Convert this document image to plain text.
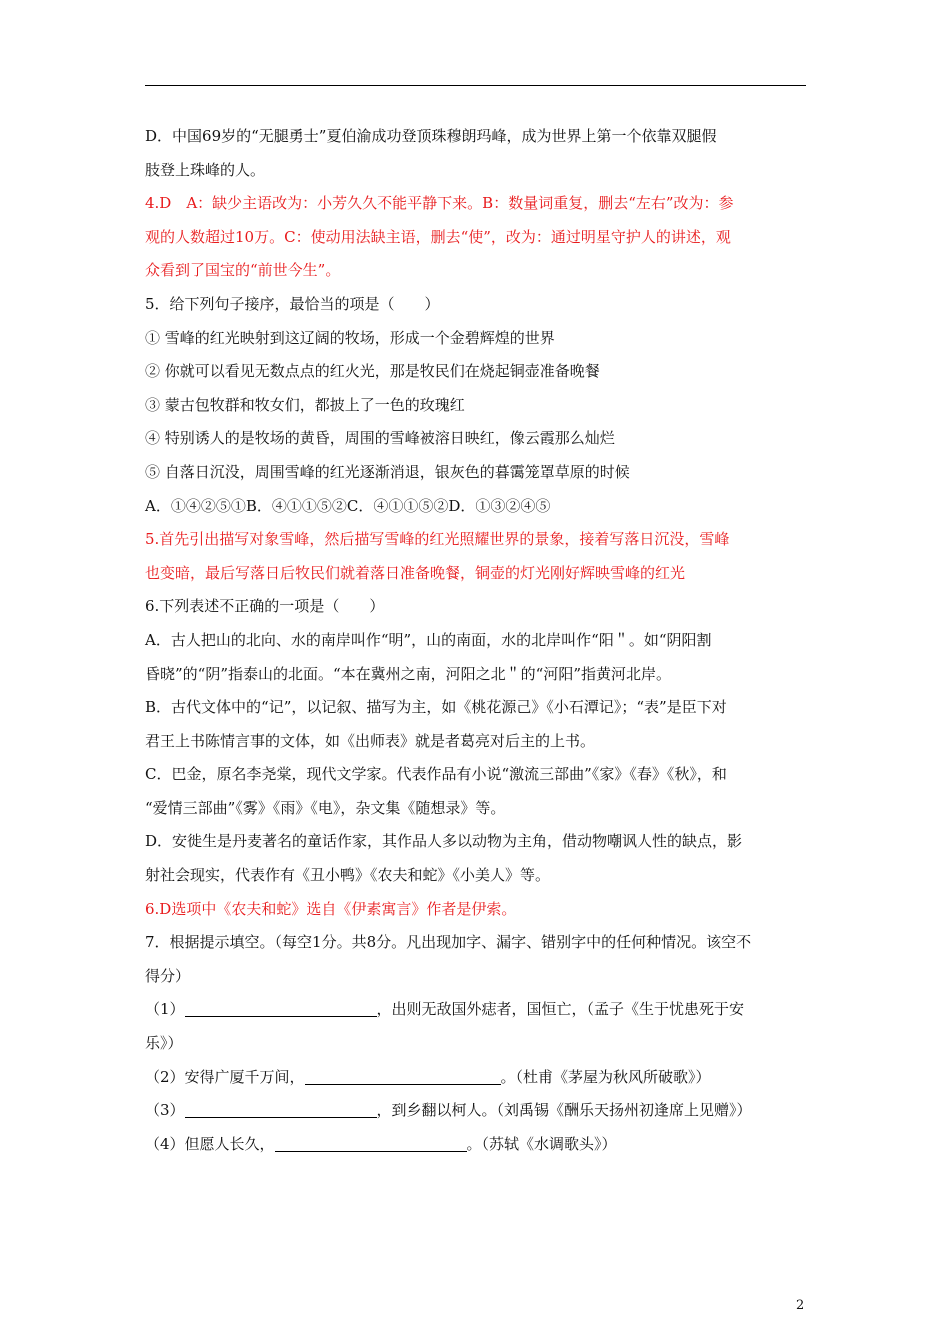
D．中国69岁的“无腿勇士”夏伯渝成功登顶珠穆朗玛峰，成为世界上第一个依靠双腿假
肢登上珠峰的人。
4.D　A：缺少主语改为：小芳久久不能平静下来。B：数量词重复，删去“左右”改为：参
观的人数超过10万。C：使动用法缺主语，删去“使”，改为：通过明星守护人的讲述，观
众看到了国宝的“前世今生”。
5．给下列句子接序，最恰当的项是（　　）
① 雪峰的红光映射到这辽阔的牧场，形成一个金碧辉煌的世界
② 你就可以看见无数点点的红火光，那是牧民们在烧起铜壶准备晚餐
③ 蒙古包牧群和牧女们，都披上了一色的玫瑰红
④ 特别诱人的是牧场的黄昏，周围的雪峰被溶日映红，像云霞那么灿烂
⑤ 自落日沉没，周围雪峰的红光逐渐消退，银灰色的暮霭笼罩草原的时候
A．①④②⑤①B．④①①⑤②C．④①①⑤②D．①③②④⑤
5.首先引出描写对象雪峰，然后描写雪峰的红光照耀世界的景象，接着写落日沉没，雪峰
也变暗，最后写落日后牧民们就着落日准备晚餐，铜壶的灯光刚好辉映雪峰的红光
6.下列表述不正确的一项是（　　）
A．古人把山的北向、水的南岸叫作“明”，山的南面，水的北岸叫作“阳＂。如“阴阳割
昏晓”的“阴”指泰山的北面。“本在冀州之南，河阳之北＂的“河阳”指黄河北岸。
B．古代文体中的“记”，以记叙、描写为主，如《桃花源己》《小石潭记》；“表”是臣下对
君王上书陈情言事的文体，如《出师表》就是者葛亮对后主的上书。
C．巴金，原名李尧棠，现代文学家。代表作品有小说“激流三部曲”《家》《春》《秋》，和
“爱情三部曲”《雾》《雨》《电》，杂文集《随想录》等。
D．安徙生是丹麦著名的童话作家，其作品人多以动物为主角，借动物嘲讽人性的缺点，影
射社会现实，代表作有《丑小鸭》《农夫和蛇》《小美人》等。
6.D选项中《农夫和蛇》选自《伊素寓言》作者是伊索。
7．根据提示填空。（每空1分。共8分。凡出现加字、漏字、错别字中的任何种情况。该空不
得分）
（1）	，出则无敌国外痣者，国恒亡，（孟子《生于忧患死于安
乐》）
（2）安得广厦千万间，	。（杜甫《茅屋为秋风所破歌》）
（3）	，到乡翻以柯人。（刘禹锡《酬乐天扬州初逢席上见赠》）
（4）但愿人长久，	。（苏轼《水调歌头》）
2
